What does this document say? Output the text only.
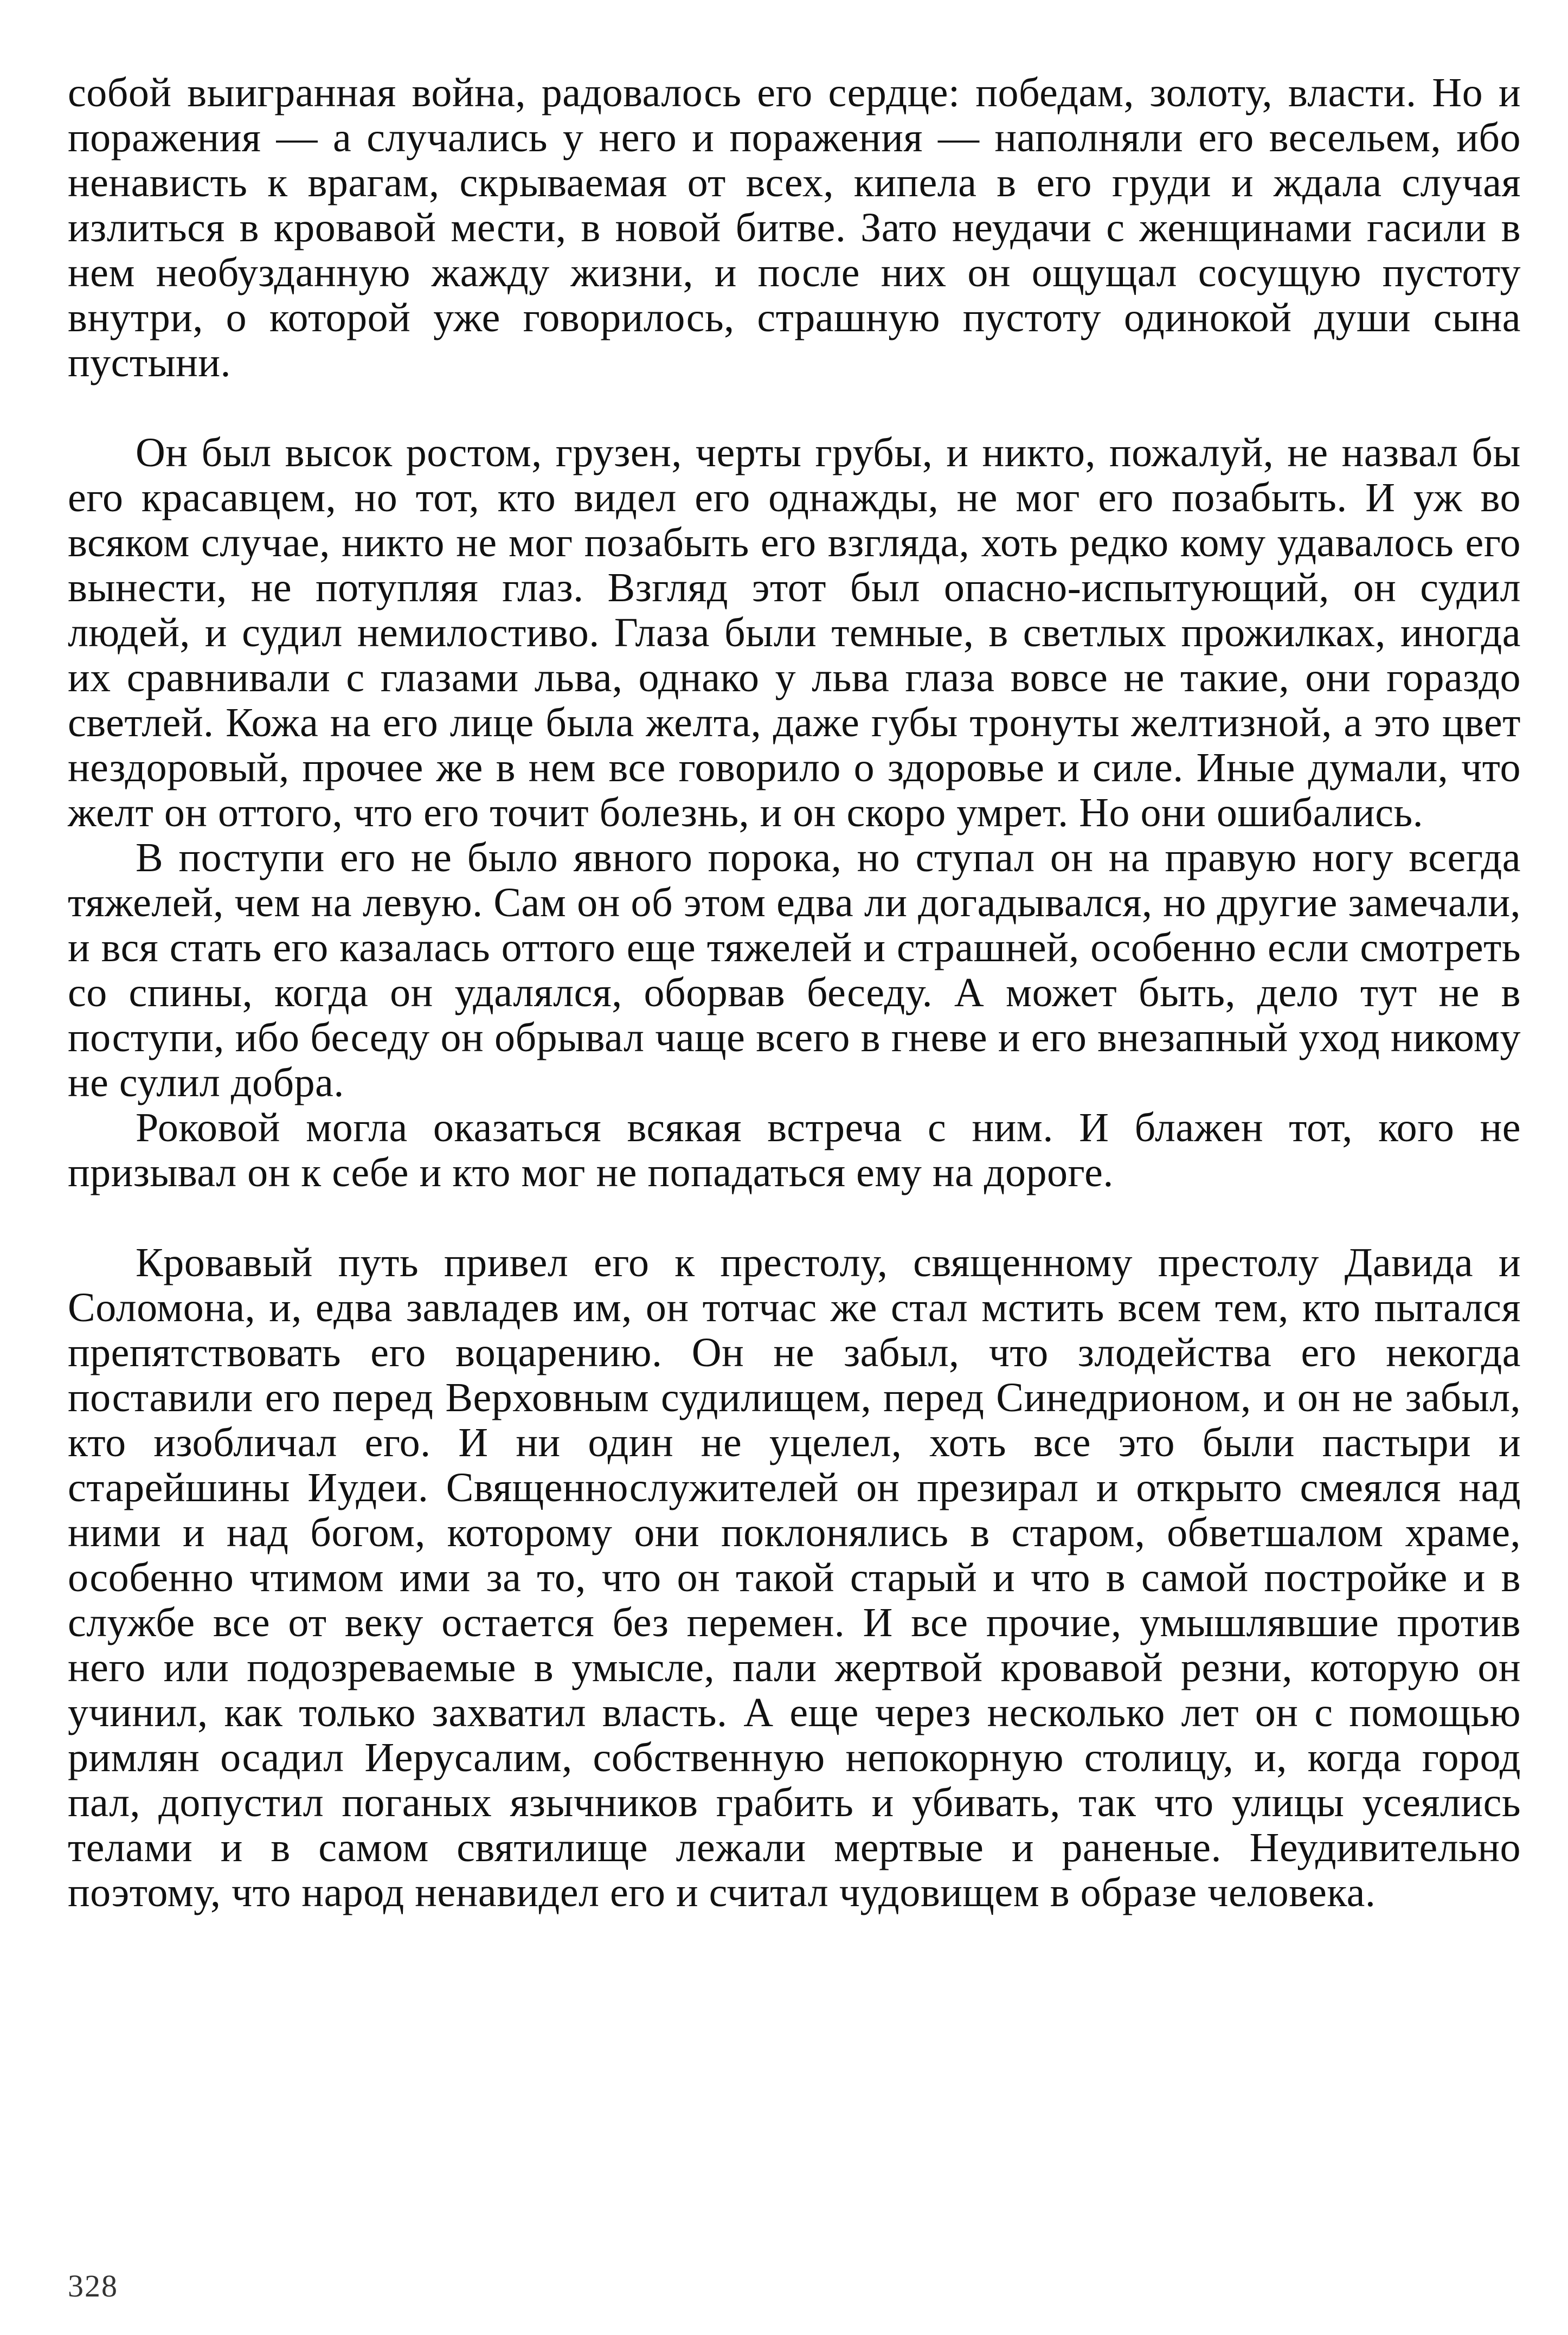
собой выигранная война, радовалось его сердце: победам, золоту, власти. Но и поражения — а случались у него и поражения — наполняли его весельем, ибо ненависть к врагам, скрываемая от всех, кипела в его груди и ждала случая излиться в кровавой мести, в новой битве. Зато неудачи с женщинами гасили в нем необузданную жажду жизни, и после них он ощущал сосущую пустоту внутри, о которой уже говорилось, страшную пустоту одинокой души сына пустыни.

Он был высок ростом, грузен, черты грубы, и никто, пожалуй, не назвал бы его красавцем, но тот, кто видел его однажды, не мог его позабыть. И уж во всяком случае, никто не мог позабыть его взгляда, хоть редко кому удавалось его вынести, не потупляя глаз. Взгляд этот был опасно-испытующий, он судил людей, и судил немилостиво. Глаза были темные, в светлых прожилках, иногда их сравнивали с глазами льва, однако у льва глаза вовсе не такие, они гораздо светлей. Кожа на его лице была желта, даже губы тронуты желтизной, а это цвет нездоровый, прочее же в нем все говорило о здоровье и силе. Иные думали, что желт он оттого, что его точит болезнь, и он скоро умрет. Но они ошибались.

В поступи его не было явного порока, но ступал он на правую ногу всегда тяжелей, чем на левую. Сам он об этом едва ли догадывался, но другие замечали, и вся стать его казалась оттого еще тяжелей и страшней, особенно если смотреть со спины, когда он удалялся, оборвав беседу. А может быть, дело тут не в поступи, ибо беседу он обрывал чаще всего в гневе и его внезапный уход никому не сулил добра.

Роковой могла оказаться всякая встреча с ним. И блажен тот, кого не призывал он к себе и кто мог не попадаться ему на дороге.

Кровавый путь привел его к престолу, священному престолу Давида и Соломона, и, едва завладев им, он тотчас же стал мстить всем тем, кто пытался препятствовать его воцарению. Он не забыл, что злодейства его некогда поставили его перед Верховным судилищем, перед Синедрионом, и он не забыл, кто изобличал его. И ни один не уцелел, хоть все это были пастыри и старейшины Иудеи. Священнослужителей он презирал и открыто смеялся над ними и над богом, которому они поклонялись в старом, обветшалом храме, особенно чтимом ими за то, что он такой старый и что в самой постройке и в службе все от веку остается без перемен. И все прочие, умышлявшие против него или подозреваемые в умысле, пали жертвой кровавой резни, которую он учинил, как только захватил власть. А еще через несколько лет он с помощью римлян осадил Иерусалим, собственную непокорную столицу, и, когда город пал, допустил поганых язычников грабить и убивать, так что улицы усеялись телами и в самом святилище лежали мертвые и раненые. Неудивительно поэтому, что народ ненавидел его и считал чудовищем в образе человека.

328
